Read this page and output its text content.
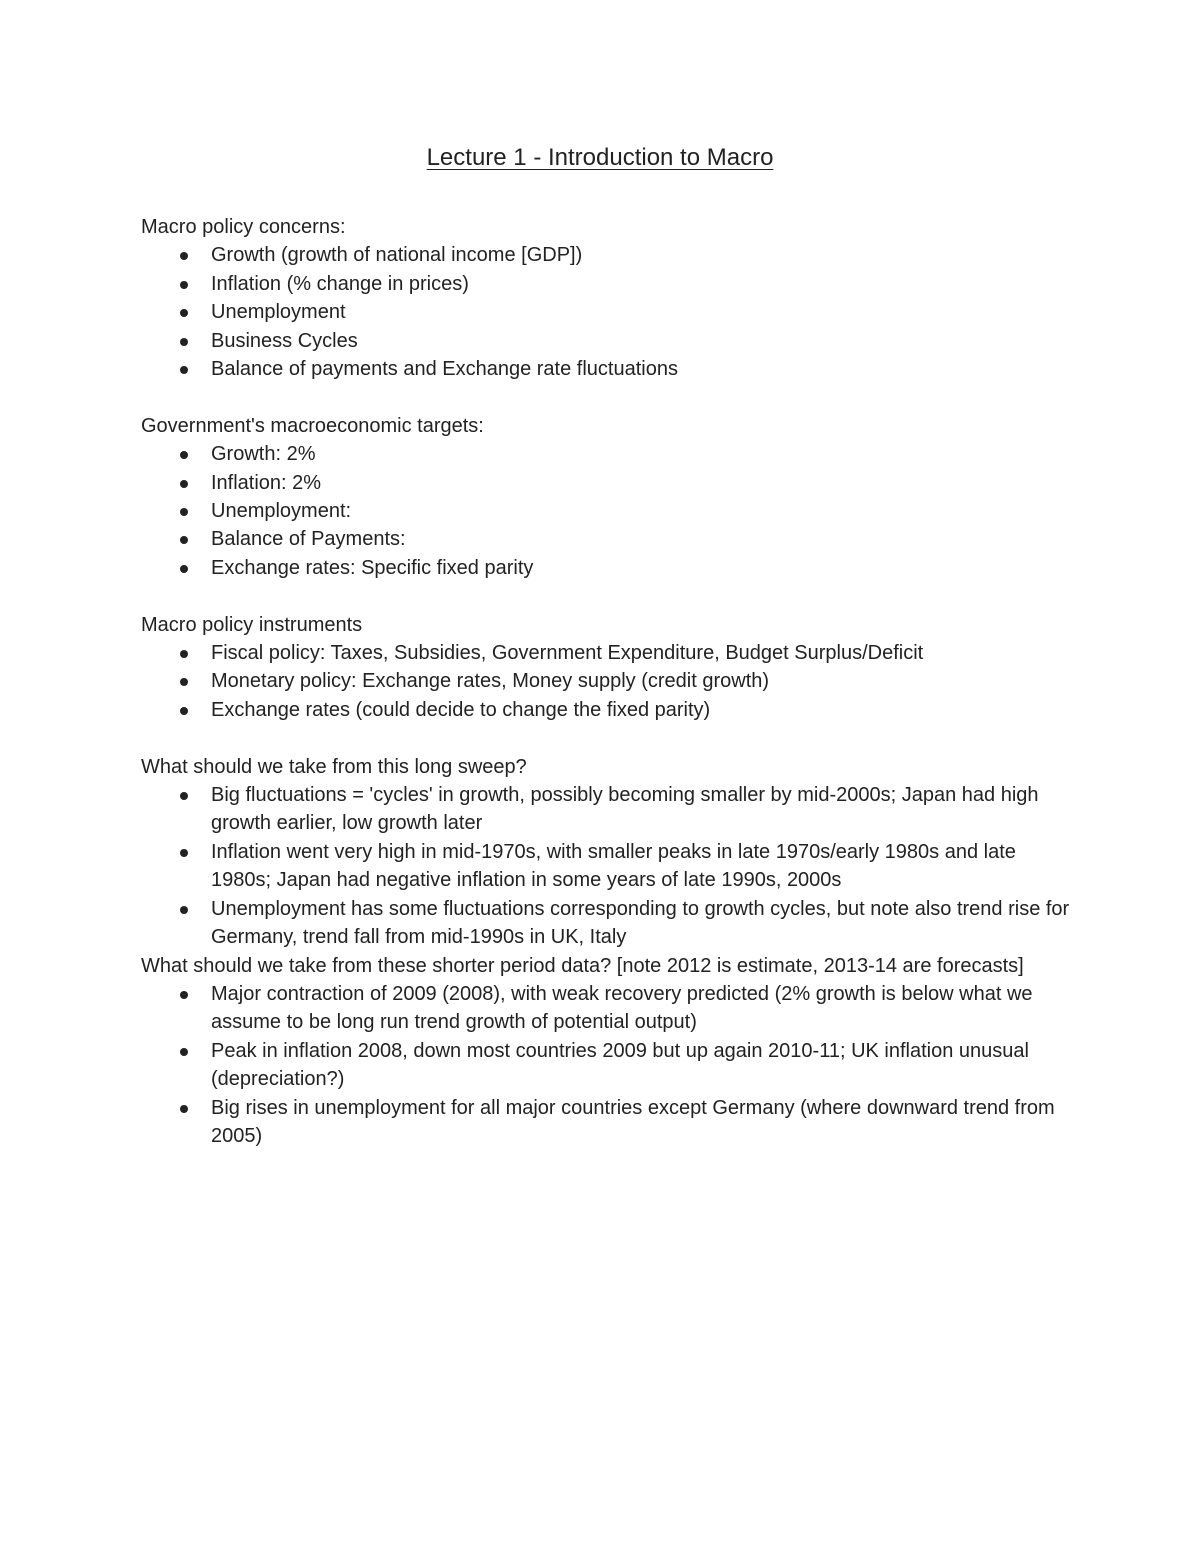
Lecture 1 - Introduction to Macro

Macro policy concerns:

Growth (growth of national income [GDP])
Inflation (% change in prices)
Unemployment
Business Cycles
Balance of payments and Exchange rate fluctuations

Government's macroeconomic targets:

Growth: 2%
Inflation: 2%
Unemployment:
Balance of Payments:
Exchange rates: Specific fixed parity

Macro policy instruments

Fiscal policy: Taxes, Subsidies, Government Expenditure, Budget Surplus/Deficit
Monetary policy: Exchange rates, Money supply (credit growth)
Exchange rates (could decide to change the fixed parity)

What should we take from this long sweep?

Big fluctuations = 'cycles' in growth, possibly becoming smaller by mid-2000s; Japan had high growth earlier, low growth later
Inflation went very high in mid-1970s, with smaller peaks in late 1970s/early 1980s and late 1980s; Japan had negative inflation in some years of late 1990s, 2000s
Unemployment has some fluctuations corresponding to growth cycles, but note also trend rise for Germany, trend fall from mid-1990s in UK, Italy

What should we take from these shorter period data? [note 2012 is estimate, 2013-14 are forecasts]

Major contraction of 2009 (2008), with weak recovery predicted (2% growth is below what we assume to be long run trend growth of potential output)
Peak in inflation 2008, down most countries 2009 but up again 2010-11; UK inflation unusual (depreciation?)
Big rises in unemployment for all major countries except Germany (where downward trend from 2005)
